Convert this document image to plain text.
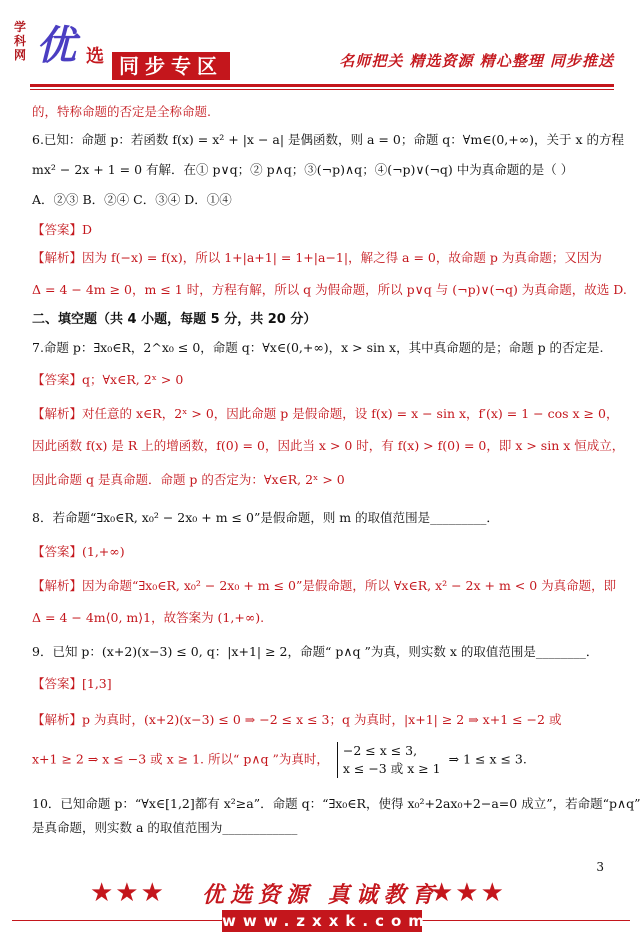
学科网 优 选 同步专区	名师把关 精选资源 精心整理 同步推送
的，特称命题的否定是全称命题.
6.已知：命题 p：若函数 f(x) = x² + |x − a| 是偶函数，则 a = 0；命题 q：∀m∈(0,+∞)，关于 x 的方程
mx² − 2x + 1 = 0 有解．在① p∨q；② p∧q；③(¬p)∧q；④(¬p)∨(¬q) 中为真命题的是（ ）
A．②③ B．②④ C．③④ D．①④
【答案】D
【解析】因为 f(−x) = f(x)，所以 1+|a+1| = 1+|a−1|，解之得 a = 0，故命题 p 为真命题；又因为
Δ = 4 − 4m ≥ 0，m ≤ 1 时，方程有解，所以 q 为假命题，所以 p∨q 与 (¬p)∨(¬q) 为真命题，故选 D.
二、填空题（共 4 小题，每题 5 分，共 20 分）
7.命题 p：∃x₀∈R，2^x₀ ≤ 0，命题 q：∀x∈(0,+∞)，x > sin x，其中真命题的是；命题 p 的否定是.
【答案】q；∀x∈R, 2ˣ > 0
【解析】对任意的 x∈R，2ˣ > 0，因此命题 p 是假命题，设 f(x) = x − sin x，f′(x) = 1 − cos x ≥ 0，
因此函数 f(x) 是 R 上的增函数，f(0) = 0，因此当 x > 0 时，有 f(x) > f(0) = 0，即 x > sin x 恒成立，
因此命题 q 是真命题．命题 p 的否定为：∀x∈R, 2ˣ > 0
8．若命题“∃x₀∈R, x₀² − 2x₀ + m ≤ 0”是假命题，则 m 的取值范围是_________．
【答案】(1,+∞)
【解析】因为命题“∃x₀∈R, x₀² − 2x₀ + m ≤ 0”是假命题，所以 ∀x∈R, x² − 2x + m < 0 为真命题，即
Δ = 4 − 4m⟨0, m⟩1，故答案为 (1,+∞).
9．已知 p：(x+2)(x−3) ≤ 0, q：|x+1| ≥ 2，命题“ p∧q ”为真，则实数 x 的取值范围是________．
【答案】[1,3]
【解析】p 为真时，(x+2)(x−3) ≤ 0 ⇒ −2 ≤ x ≤ 3；q 为真时，|x+1| ≥ 2 ⇒ x+1 ≤ −2 或
x+1 ≥ 2 ⇒ x ≤ −3 或 x ≥ 1. 所以“ p∧q ”为真时， −2 ≤ x ≤ 3,
x ≤ −3 或 x ≥ 1 ⇒ 1 ≤ x ≤ 3.
10．已知命题 p：“∀x∈[1,2]都有 x²≥a”．命题 q：“∃x₀∈R，使得 x₀²+2ax₀+2−a=0 成立”，若命题“p∧q”
是真命题，则实数 a 的取值范围为____________
3
★★★ 优选资源 真诚教育
★★★
www.zxxk.com
